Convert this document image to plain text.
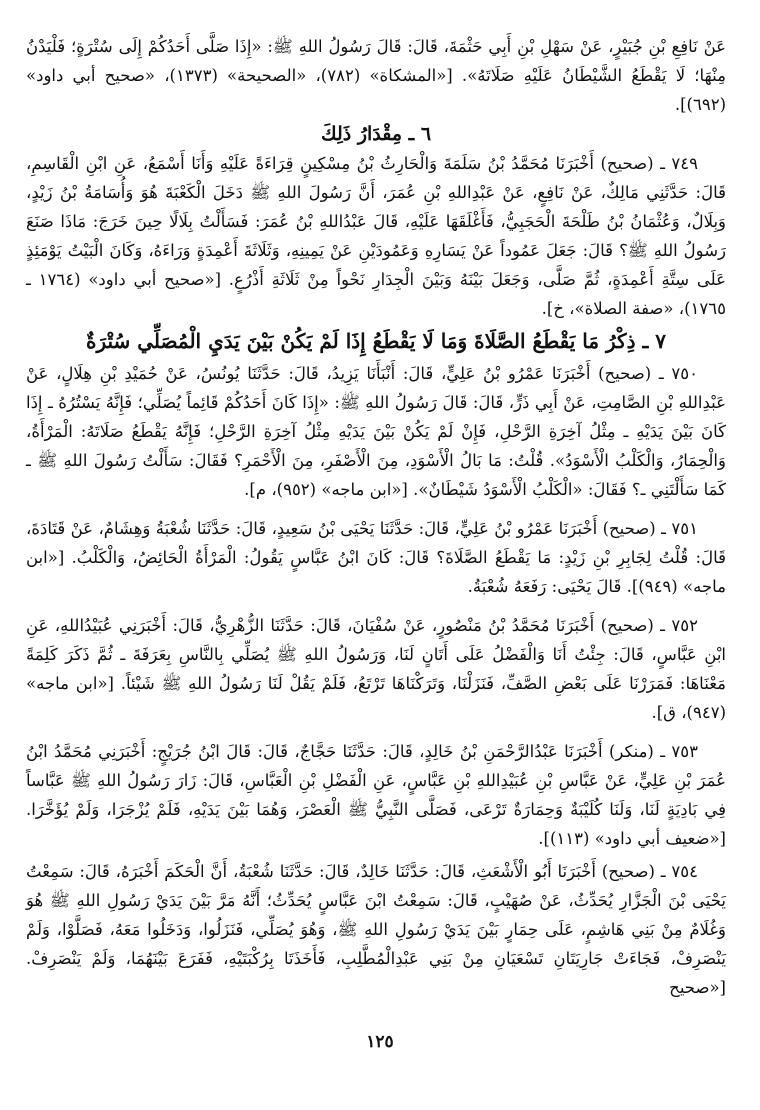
عَنْ نَافِعِ بْنِ جُبَيْرٍ، عَنْ سَهْلِ بْنِ أَبِي حَثْمَةَ، قَالَ: قَالَ رَسُولُ اللهِ ﷺ: «إِذَا صَلَّى أَحَدُكُمْ إِلَى سُتْرَةٍ؛ فَلْيَدْنُ مِنْهَا؛ لَا يَقْطَعُ الشَّيْطَانُ عَلَيْهِ صَلَاتَهُ». [«المشكاة» (٧٨٢)، «الصحيحة» (١٣٧٣)، «صحيح أبي داود» (٦٩٢)].

٦ ـ مِقْدَارُ ذَلِكَ

٧٤٩ ـ (صحيح) أَخْبَرَنَا مُحَمَّدُ بْنُ سَلَمَةَ وَالْحَارِثُ بْنُ مِسْكِينٍ قِرَاءَةً عَلَيْهِ وَأَنَا أَسْمَعُ، عَنِ ابْنِ الْقَاسِمِ، قَالَ: حَدَّثَنِي مَالِكٌ، عَنْ نَافِعٍ، عَنْ عَبْدِاللهِ بْنِ عُمَرَ، أَنَّ رَسُولَ اللهِ ﷺ دَخَلَ الْكَعْبَةَ هُوَ وَأُسَامَةُ بْنُ زَيْدٍ، وَبِلَالٌ، وَعُثْمَانُ بْنُ طَلْحَةَ الْحَجَبِيُّ، فَأَغْلَقَهَا عَلَيْهِ، قَالَ عَبْدُاللهِ بْنُ عُمَرَ: فَسَأَلْتُ بِلَالًا حِينَ خَرَجَ: مَاذَا صَنَعَ رَسُولُ اللهِ ﷺ؟ قَالَ: جَعَلَ عَمُوداً عَنْ يَسَارِهِ وَعَمُودَيْنِ عَنْ يَمِينِهِ، وَثَلَاثَةَ أَعْمِدَةٍ وَرَاءَهُ، وَكَانَ الْبَيْتُ يَوْمَئِذٍ عَلَى سِتَّةِ أَعْمِدَةٍ، ثُمَّ صَلَّى، وَجَعَلَ بَيْنَهُ وَبَيْنَ الْجِدَارِ نَحْواً مِنْ ثَلَاثَةِ أَذْرُعٍ. [«صحيح أبي داود» (١٧٦٤ ـ ١٧٦٥)، «صفة الصلاة»، خ].

٧ ـ ذِكْرُ مَا يَقْطَعُ الصَّلَاةَ وَمَا لَا يَقْطَعُ إِذَا لَمْ يَكُنْ بَيْنَ يَدَيِ الْمُصَلِّي سُتْرَةٌ

٧٥٠ ـ (صحيح) أَخْبَرَنَا عَمْرُو بْنُ عَلِيٍّ، قَالَ: أَنْبَأَنَا يَزِيدُ، قَالَ: حَدَّثَنَا يُونُسُ، عَنْ حُمَيْدِ بْنِ هِلَالٍ، عَنْ عَبْدِاللهِ بْنِ الصَّامِتِ، عَنْ أَبِي ذَرٍّ، قَالَ: قَالَ رَسُولُ اللهِ ﷺ: «إِذَا كَانَ أَحَدُكُمْ قَائِماً يُصَلِّي؛ فَإِنَّهُ يَسْتُرُهُ ـ إِذَا كَانَ بَيْنَ يَدَيْهِ ـ مِثْلُ آخِرَةِ الرَّحْلِ، فَإِنْ لَمْ يَكُنْ بَيْنَ يَدَيْهِ مِثْلُ آخِرَةِ الرَّحْلِ؛ فَإِنَّهُ يَقْطَعُ صَلَاتَهُ: الْمَرْأَةُ، وَالْحِمَارُ، وَالْكَلْبُ الْأَسْوَدُ». قُلْتُ: مَا بَالُ الْأَسْوَدِ، مِنَ الْأَصْفَرِ، مِنَ الْأَحْمَرِ؟ فَقَالَ: سَأَلْتُ رَسُولَ اللهِ ﷺ ـ كَمَا سَأَلْتَنِي ـ؟ فَقَالَ: «الْكَلْبُ الْأَسْوَدُ شَيْطَانٌ». [«ابن ماجه» (٩٥٢)، م].

٧٥١ ـ (صحيح) أَخْبَرَنَا عَمْرُو بْنُ عَلِيٍّ، قَالَ: حَدَّثَنَا يَحْيَى بْنُ سَعِيدٍ، قَالَ: حَدَّثَنَا شُعْبَةُ وَهِشَامٌ، عَنْ قَتَادَةَ، قَالَ: قُلْتُ لِجَابِرِ بْنِ زَيْدٍ: مَا يَقْطَعُ الصَّلَاةَ؟ قَالَ: كَانَ ابْنُ عَبَّاسٍ يَقُولُ: الْمَرْأَةُ الْحَائِضُ، وَالْكَلْبُ. [«ابن ماجه» (٩٤٩)]. قَالَ يَحْيَى: رَفَعَهُ شُعْبَةُ.

٧٥٢ ـ (صحيح) أَخْبَرَنَا مُحَمَّدُ بْنُ مَنْصُورٍ، عَنْ سُفْيَانَ، قَالَ: حَدَّثَنَا الزُّهْرِيُّ، قَالَ: أَخْبَرَنِي عُبَيْدُاللهِ، عَنِ ابْنِ عَبَّاسٍ، قَالَ: جِئْتُ أَنَا وَالْفَضْلُ عَلَى أَتَانٍ لَنَا، وَرَسُولُ اللهِ ﷺ يُصَلِّي بِالنَّاسِ بِعَرَفَةَ ـ ثُمَّ ذَكَرَ كَلِمَةً مَعْنَاهَا: فَمَرَرْنَا عَلَى بَعْضِ الصَّفِّ، فَنَزَلْنَا، وَتَرَكْنَاهَا تَرْتَعُ، فَلَمْ يَقُلْ لَنَا رَسُولُ اللهِ ﷺ شَيْئاً. [«ابن ماجه» (٩٤٧)، ق].

٧٥٣ ـ (منكر) أَخْبَرَنَا عَبْدُالرَّحْمَنِ بْنُ خَالِدٍ، قَالَ: حَدَّثَنَا حَجَّاجٌ، قَالَ: قَالَ ابْنُ جُرَيْجٍ: أَخْبَرَنِي مُحَمَّدُ ابْنُ عُمَرَ بْنِ عَلِيٍّ، عَنْ عَبَّاسِ بْنِ عُبَيْدِاللهِ بْنِ عَبَّاسٍ، عَنِ الْفَضْلِ بْنِ الْعَبَّاسِ، قَالَ: زَارَ رَسُولُ اللهِ ﷺ عَبَّاساً فِي بَادِيَةٍ لَنَا، وَلَنَا كُلَيْبَةٌ وَحِمَارَةٌ تَرْعَى، فَصَلَّى النَّبِيُّ ﷺ الْعَصْرَ، وَهُمَا بَيْنَ يَدَيْهِ، فَلَمْ يُزْجَرَا، وَلَمْ يُؤَخَّرَا. [«ضعيف أبي داود» (١١٣)].

٧٥٤ ـ (صحيح) أَخْبَرَنَا أَبُو الْأَشْعَثِ، قَالَ: حَدَّثَنَا خَالِدٌ، قَالَ: حَدَّثَنَا شُعْبَةُ، أَنَّ الْحَكَمَ أَخْبَرَهُ، قَالَ: سَمِعْتُ يَحْيَى بْنَ الْجَزَّارِ يُحَدِّثُ، عَنْ صُهَيْبٍ، قَالَ: سَمِعْتُ ابْنَ عَبَّاسٍ يُحَدِّثُ؛ أَنَّهُ مَرَّ بَيْنَ يَدَيْ رَسُولِ اللهِ ﷺ هُوَ وَغُلَامٌ مِنْ بَنِي هَاشِمٍ، عَلَى حِمَارٍ بَيْنَ يَدَيْ رَسُولِ اللهِ ﷺ، وَهُوَ يُصَلِّي، فَنَزَلُوا، وَدَخَلُوا مَعَهُ، فَصَلَّوْا، وَلَمْ يَنْصَرِفْ، فَجَاءَتْ جَارِيَتَانِ تَسْعَيَانِ مِنْ بَنِي عَبْدِالْمُطَّلِبِ، فَأَخَذَتَا بِرُكْبَتَيْهِ، فَفَرَعَ بَيْنَهُمَا، وَلَمْ يَنْصَرِفْ. [«صحيح

١٢٥
